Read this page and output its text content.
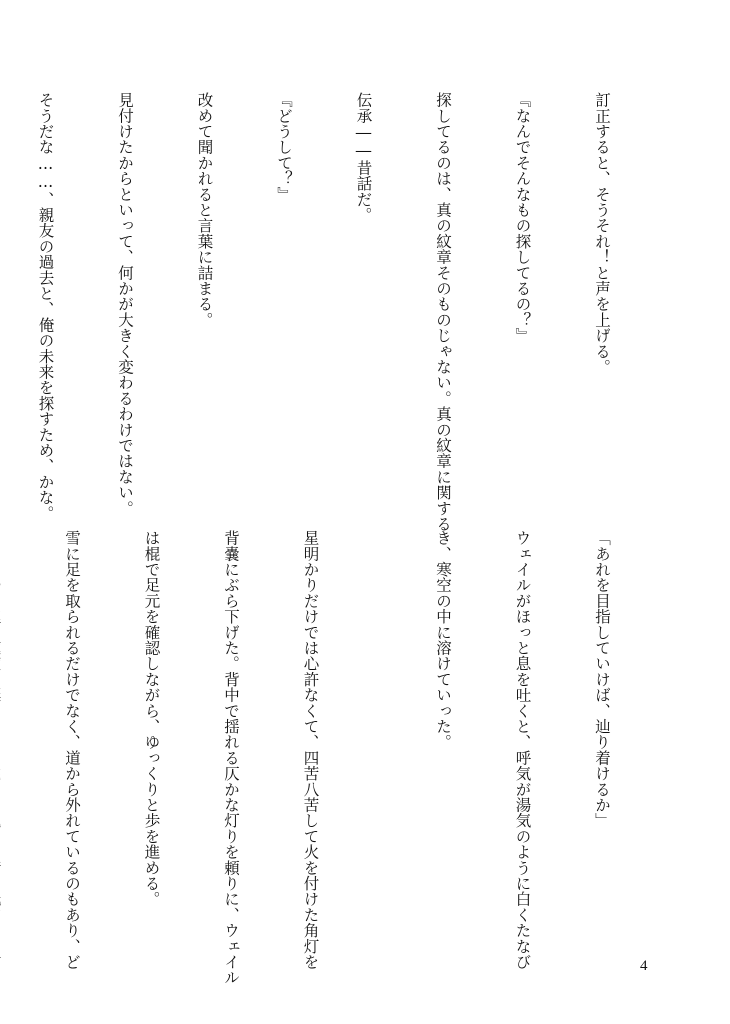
訂正すると、そうそれ！と声を上げる。

『なんでそんなもの探してるの？』

探してるのは、真の紋章そのものじゃない。真の紋章に関する

伝承――昔話だ。

『どうして？』

改めて聞かれると言葉に詰まる。

見付けたからといって、何かが大きく変わるわけではない。

そうだな……、親友の過去と、俺の未来を探すため、かな。

「あれを目指していけば、辿り着けるか」

ウェイルがほっと息を吐くと、呼気が湯気のように白くたなび

き、寒空の中に溶けていった。

星明かりだけでは心許なくて、四苦八苦して火を付けた角灯を

背嚢にぶら下げた。背中で揺れる仄かな灯りを頼りに、ウェイル

は棍で足元を確認しながら、ゆっくりと歩を進める。

雪に足を取られるだけでなく、道から外れているのもあり、ど

	4
